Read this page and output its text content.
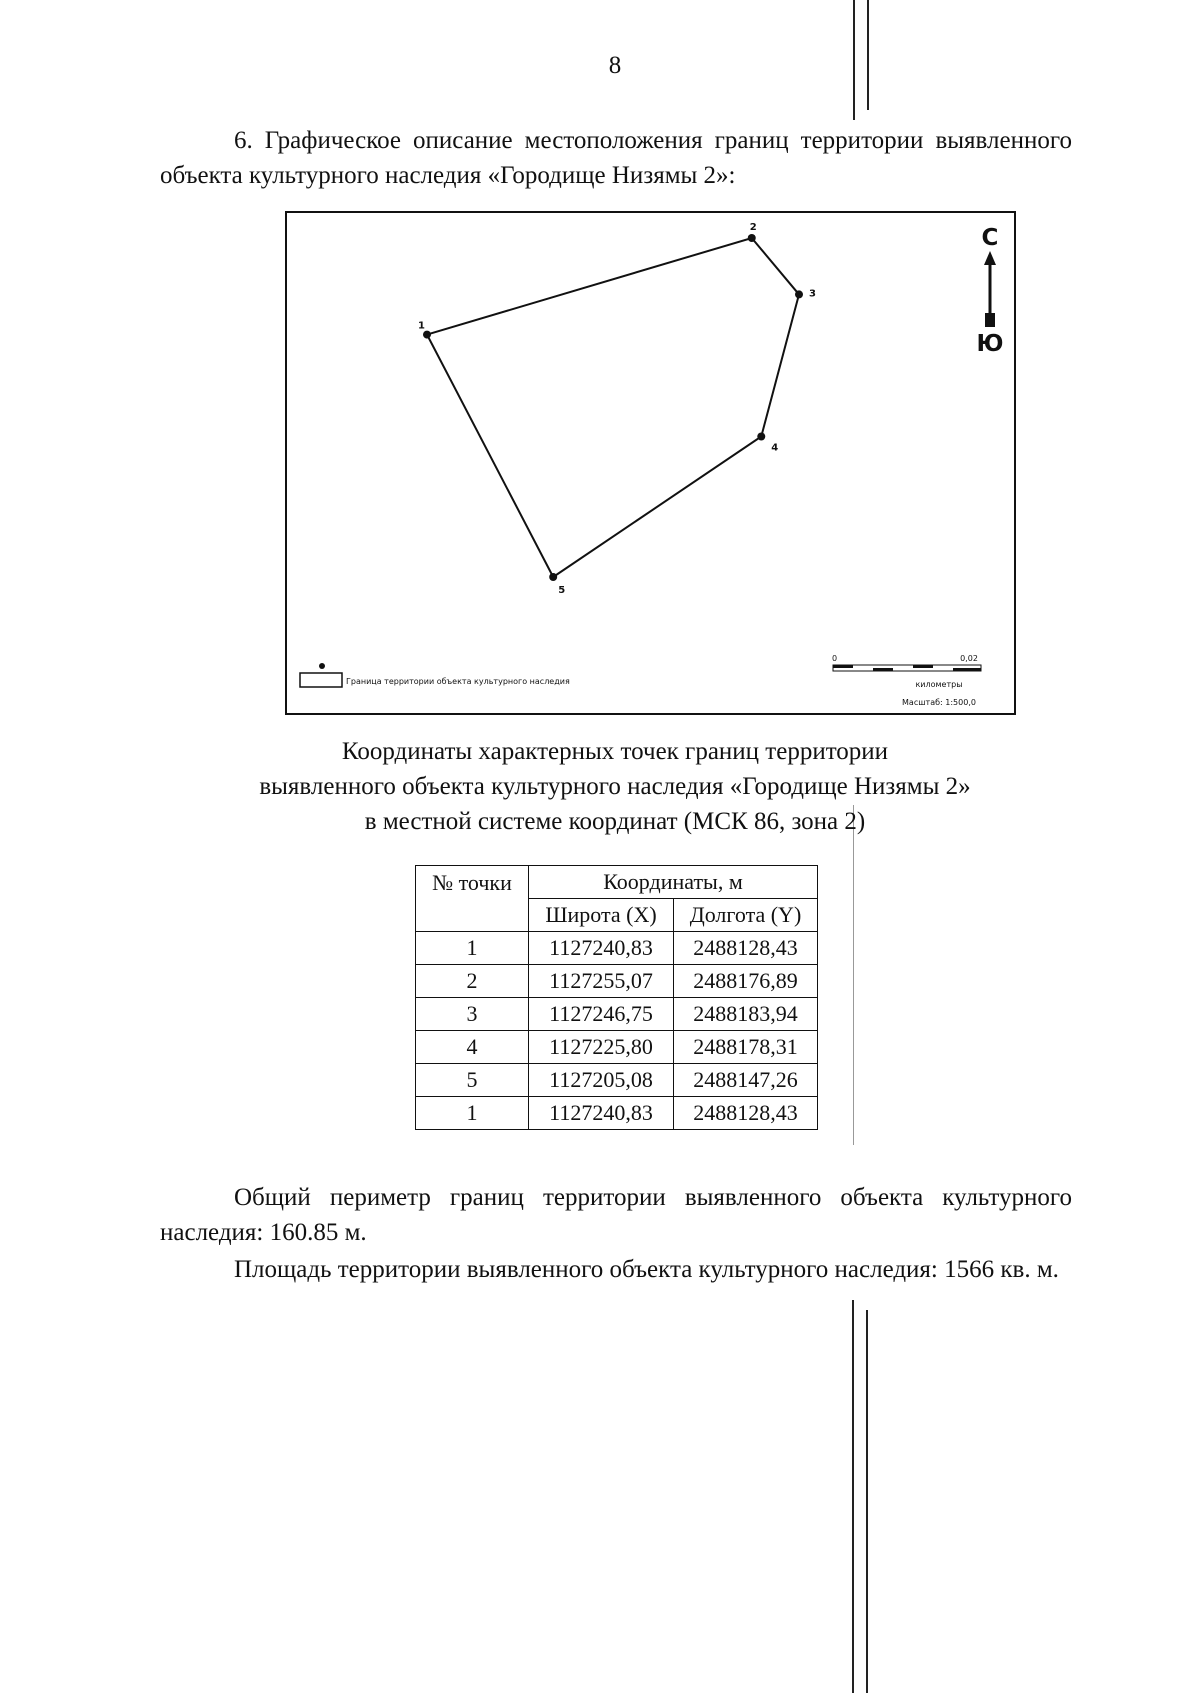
8
6. Графическое описание местоположения границ территории выявленного объекта культурного наследия «Городище Низямы 2»:
1
2
3
4
5
С
Ю
Граница территории объекта культурного наследия
0	0,02
километры
Масштаб: 1:500,0
Координаты характерных точек границ территории
выявленного объекта культурного наследия «Городище Низямы 2»
в местной системе координат (МСК 86, зона 2)
№ точки	Координаты, м	
	Широта (X)	Долгота (Y)
1	1127240,83	2488128,43
2	1127255,07	2488176,89
3	1127246,75	2488183,94
4	1127225,80	2488178,31
5	1127205,08	2488147,26
1	1127240,83	2488128,43
Общий периметр границ территории выявленного объекта культурного наследия: 160.85 м.
Площадь территории выявленного объекта культурного наследия: 1566 кв. м.
